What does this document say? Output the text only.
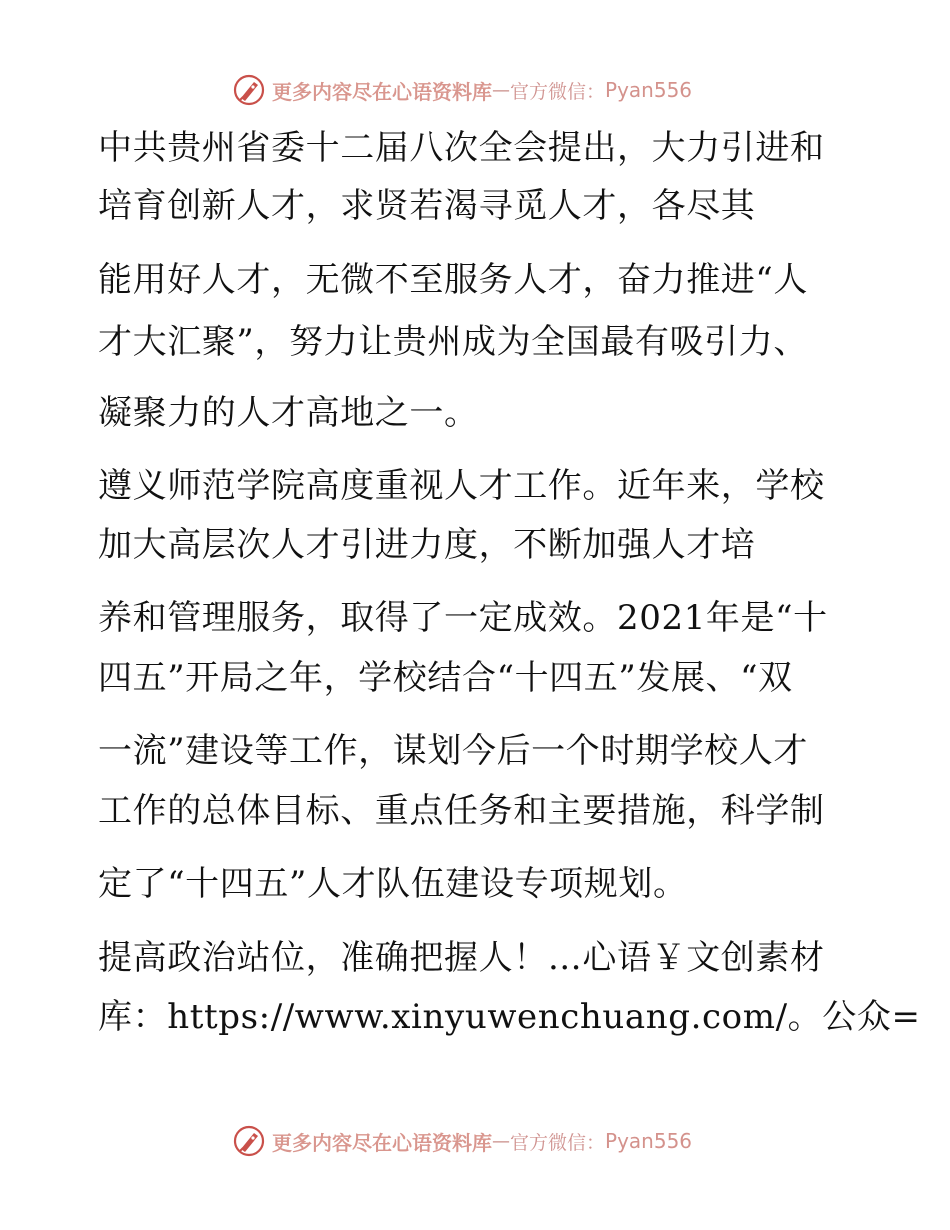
更多内容尽在心语资料库 — 官方微信： Pyan556
中共贵州省委十二届八次全会提出，大力引进和
培育创新人才，求贤若渴寻觅人才，各尽其
能用好人才，无微不至服务人才，奋力推进“人
才大汇聚”，努力让贵州成为全国最有吸引力、
凝聚力的人才高地之一。
遵义师范学院高度重视人才工作。近年来，学校
加大高层次人才引进力度，不断加强人才培
养和管理服务，取得了一定成效。2021年是“十
四五”开局之年，学校结合“十四五”发展、“双
一流”建设等工作，谋划今后一个时期学校人才
工作的总体目标、重点任务和主要措施，科学制
定了“十四五”人才队伍建设专项规划。
提高政治站位，准确把握人！…心语￥文创素材
库：https://www.xinyuwenchuang.com/。公众=
更多内容尽在心语资料库 — 官方微信： Pyan556
